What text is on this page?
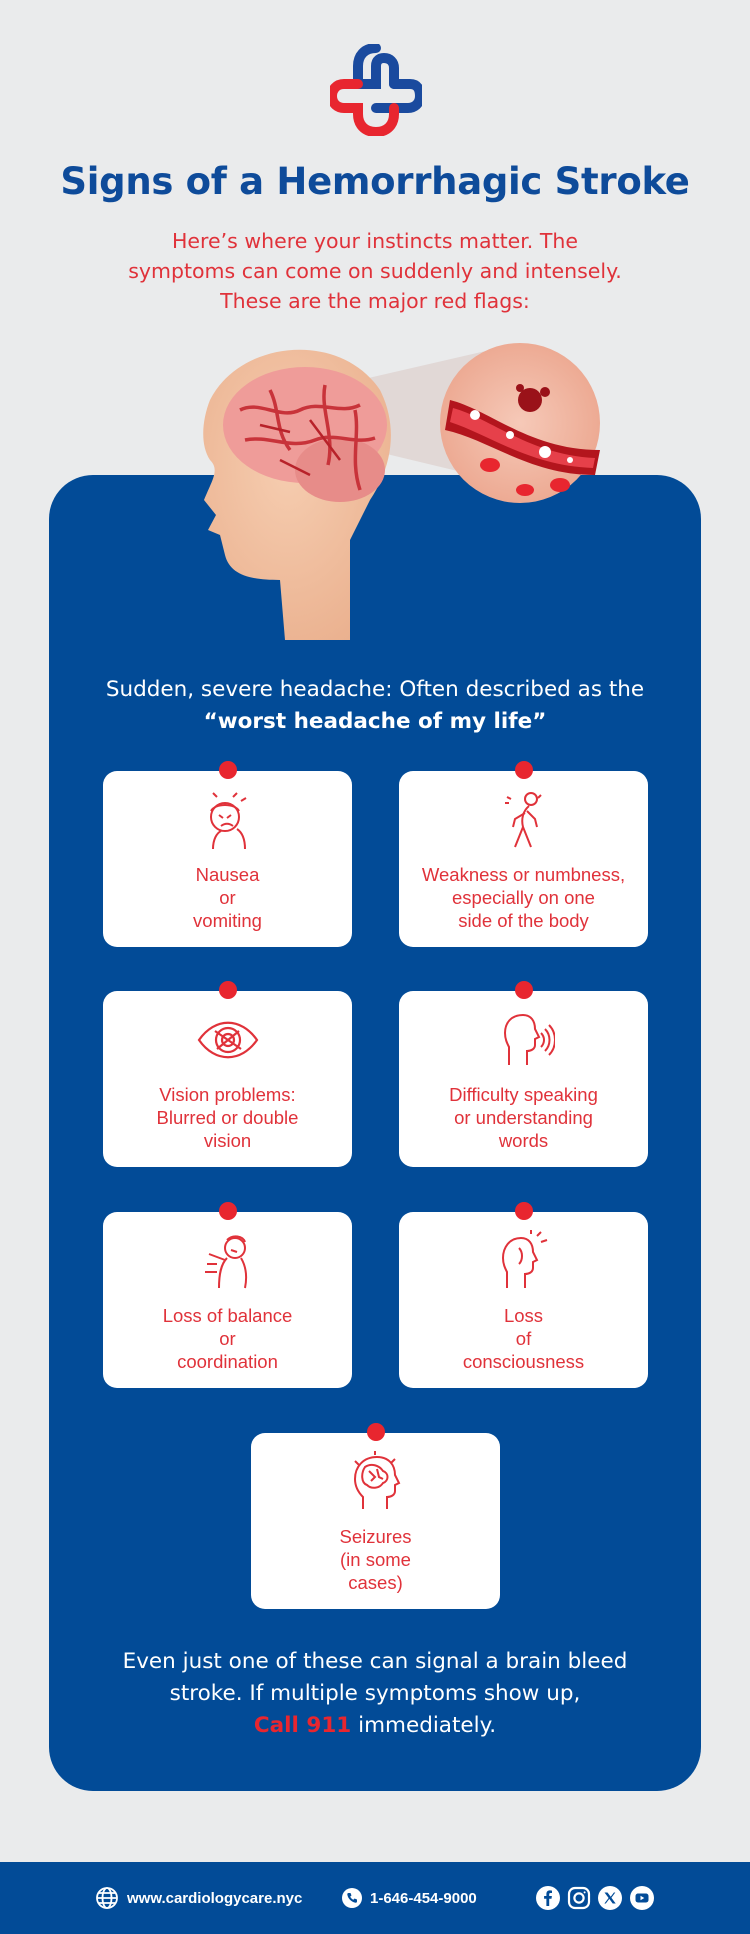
Signs of a Hemorrhagic Stroke
Here’s where your instincts matter. The
symptoms can come on suddenly and intensely.
These are the major red flags:
Sudden, severe headache: Often described as the
“worst headache of my life”
Nausea
or
vomiting
Weakness or numbness,
especially on one
side of the body
Vision problems:
Blurred or double
vision
Difficulty speaking
or understanding
words
Loss of balance
or
coordination
Loss
of
consciousness
Seizures
(in some
cases)
Even just one of these can signal a brain bleed
stroke. If multiple symptoms show up,
Call 911 immediately.
www.cardiologycare.nyc	1-646-454-9000
